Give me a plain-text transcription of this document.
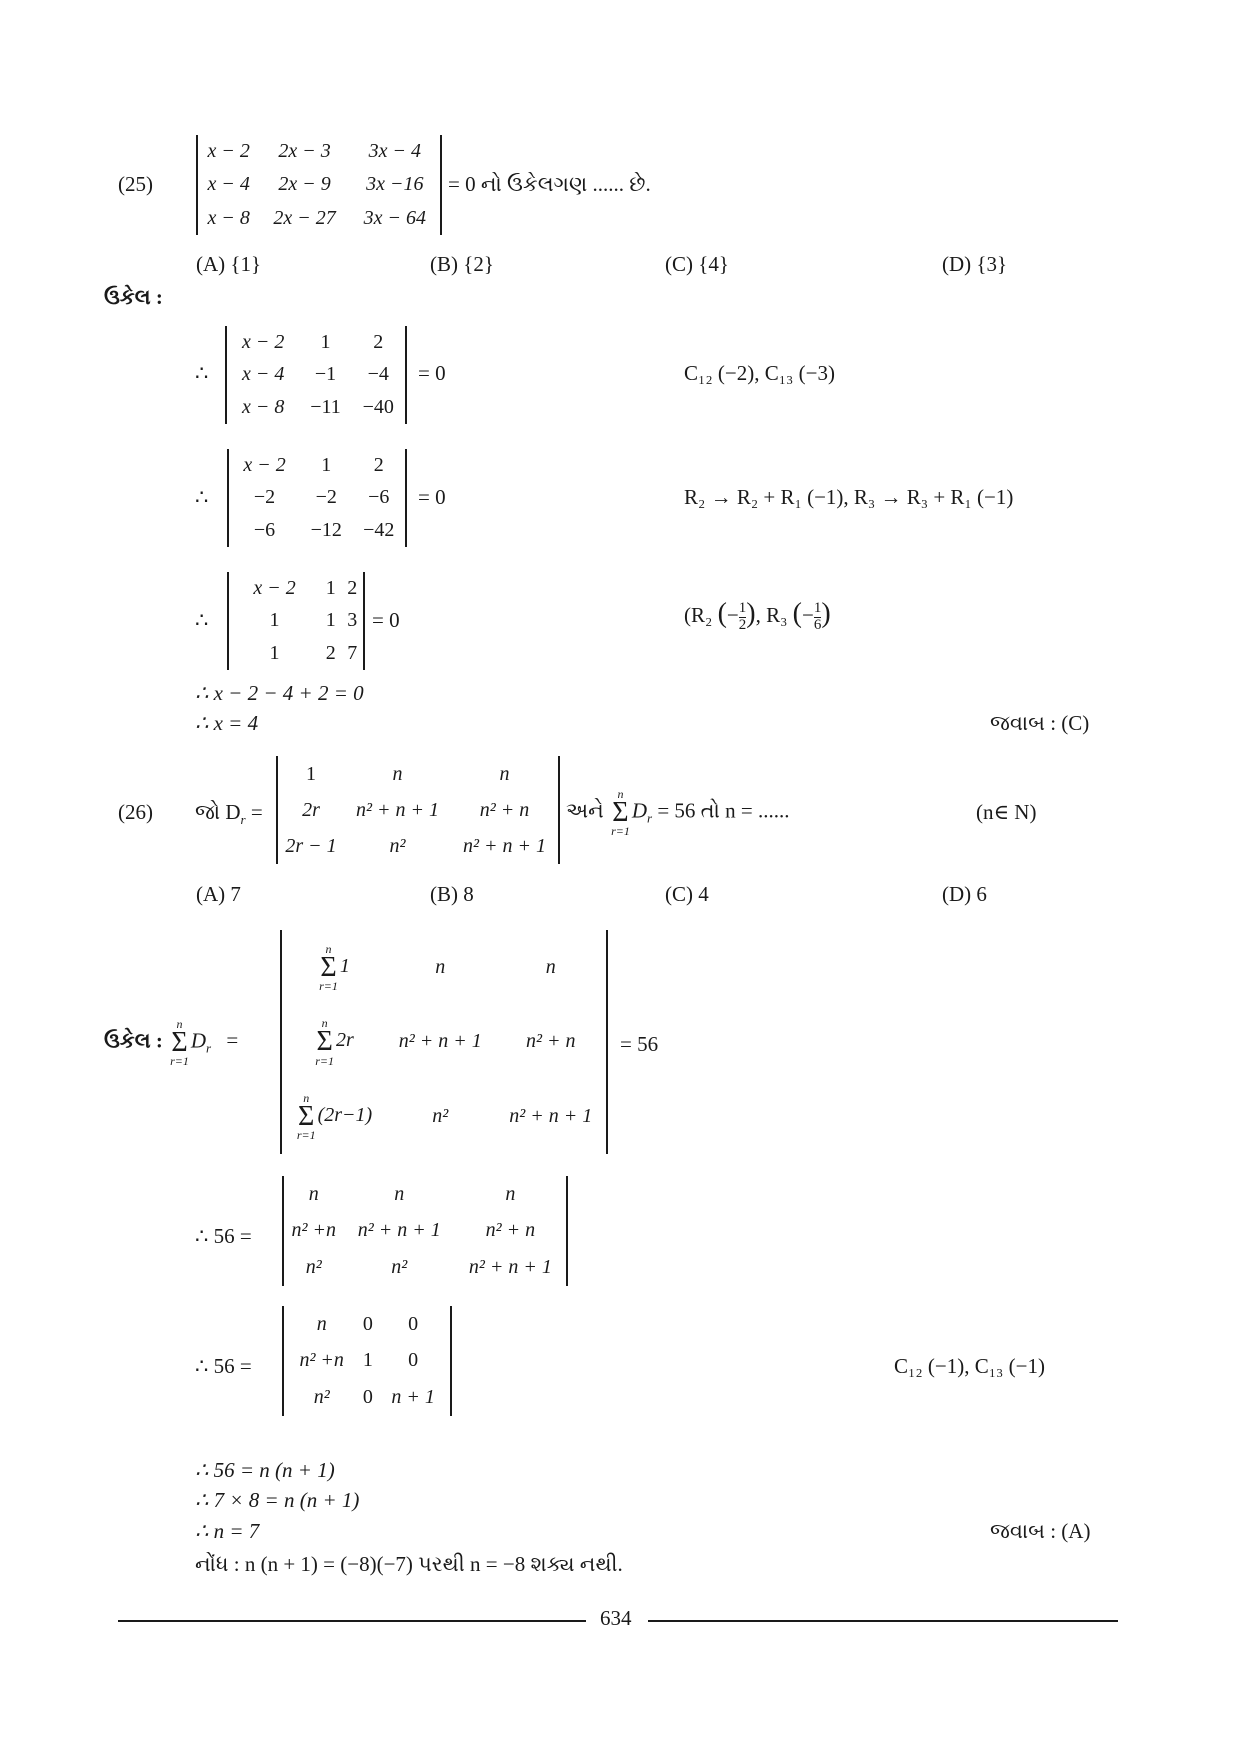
(25)
x − 2	2x − 3	3x − 4
x − 4	2x − 9	3x −16
x − 8	2x − 27	3x − 64
= 0 નો ઉકેલગણ ...... છે.
(A) {1}	(B) {2}	(C) {4}	(D) {3}
ઉકેલ :
∴
x − 2	1	2
x − 4	−1	−4
x − 8	−11	−40
= 0	C₁₂ (−2), C₁₃ (−3)
∴
x − 2	1	2
−2	−2	−6
−6	−12	−42
= 0	R₂ → R₂ + R₁ (−1), R₃ → R₃ + R₁ (−1)
∴
x − 2	1	2
1	1	3
1	2	7
= 0	(R₂ (− $\frac{1}{2}$ ), R₃ (− $\frac{1}{6}$ )
∴ x − 2 − 4 + 2 = 0
∴ x = 4	જવાબ : (C)
(26) જો $D_r$ =
1	n	n
2r	n² + n + 1	n² + n
2r − 1	n²	n² + n + 1
અને
n
Σ
r=1
$D_r = 56$ તો n = ......	(n∈ N)
(A) 7	(B) 8	(C) 4	(D) 6
ઉકેલ :
n
Σ
r=1
$D_r$ =
n
Σ
r=1
1	n	n

n
Σ
r=1
2r	n² + n + 1	n² + n

n
Σ
r=1
(2r−1)	n²	n² + n + 1
= 56
∴ 56 =
n	n	n
n² +n	n² + n + 1	n² + n
n²	n²	n² + n + 1
∴ 56 =
n	0	0
n² +n	1	0
n²	0	n + 1
C₁₂ (−1), C₁₃ (−1)
∴ 56 = n (n + 1)
∴ 7 × 8 = n (n + 1)
∴ n = 7	જવાબ : (A)
નોંધ : n (n + 1) = (−8)(−7) પરથી n = −8 શક્ય નથી.
634
